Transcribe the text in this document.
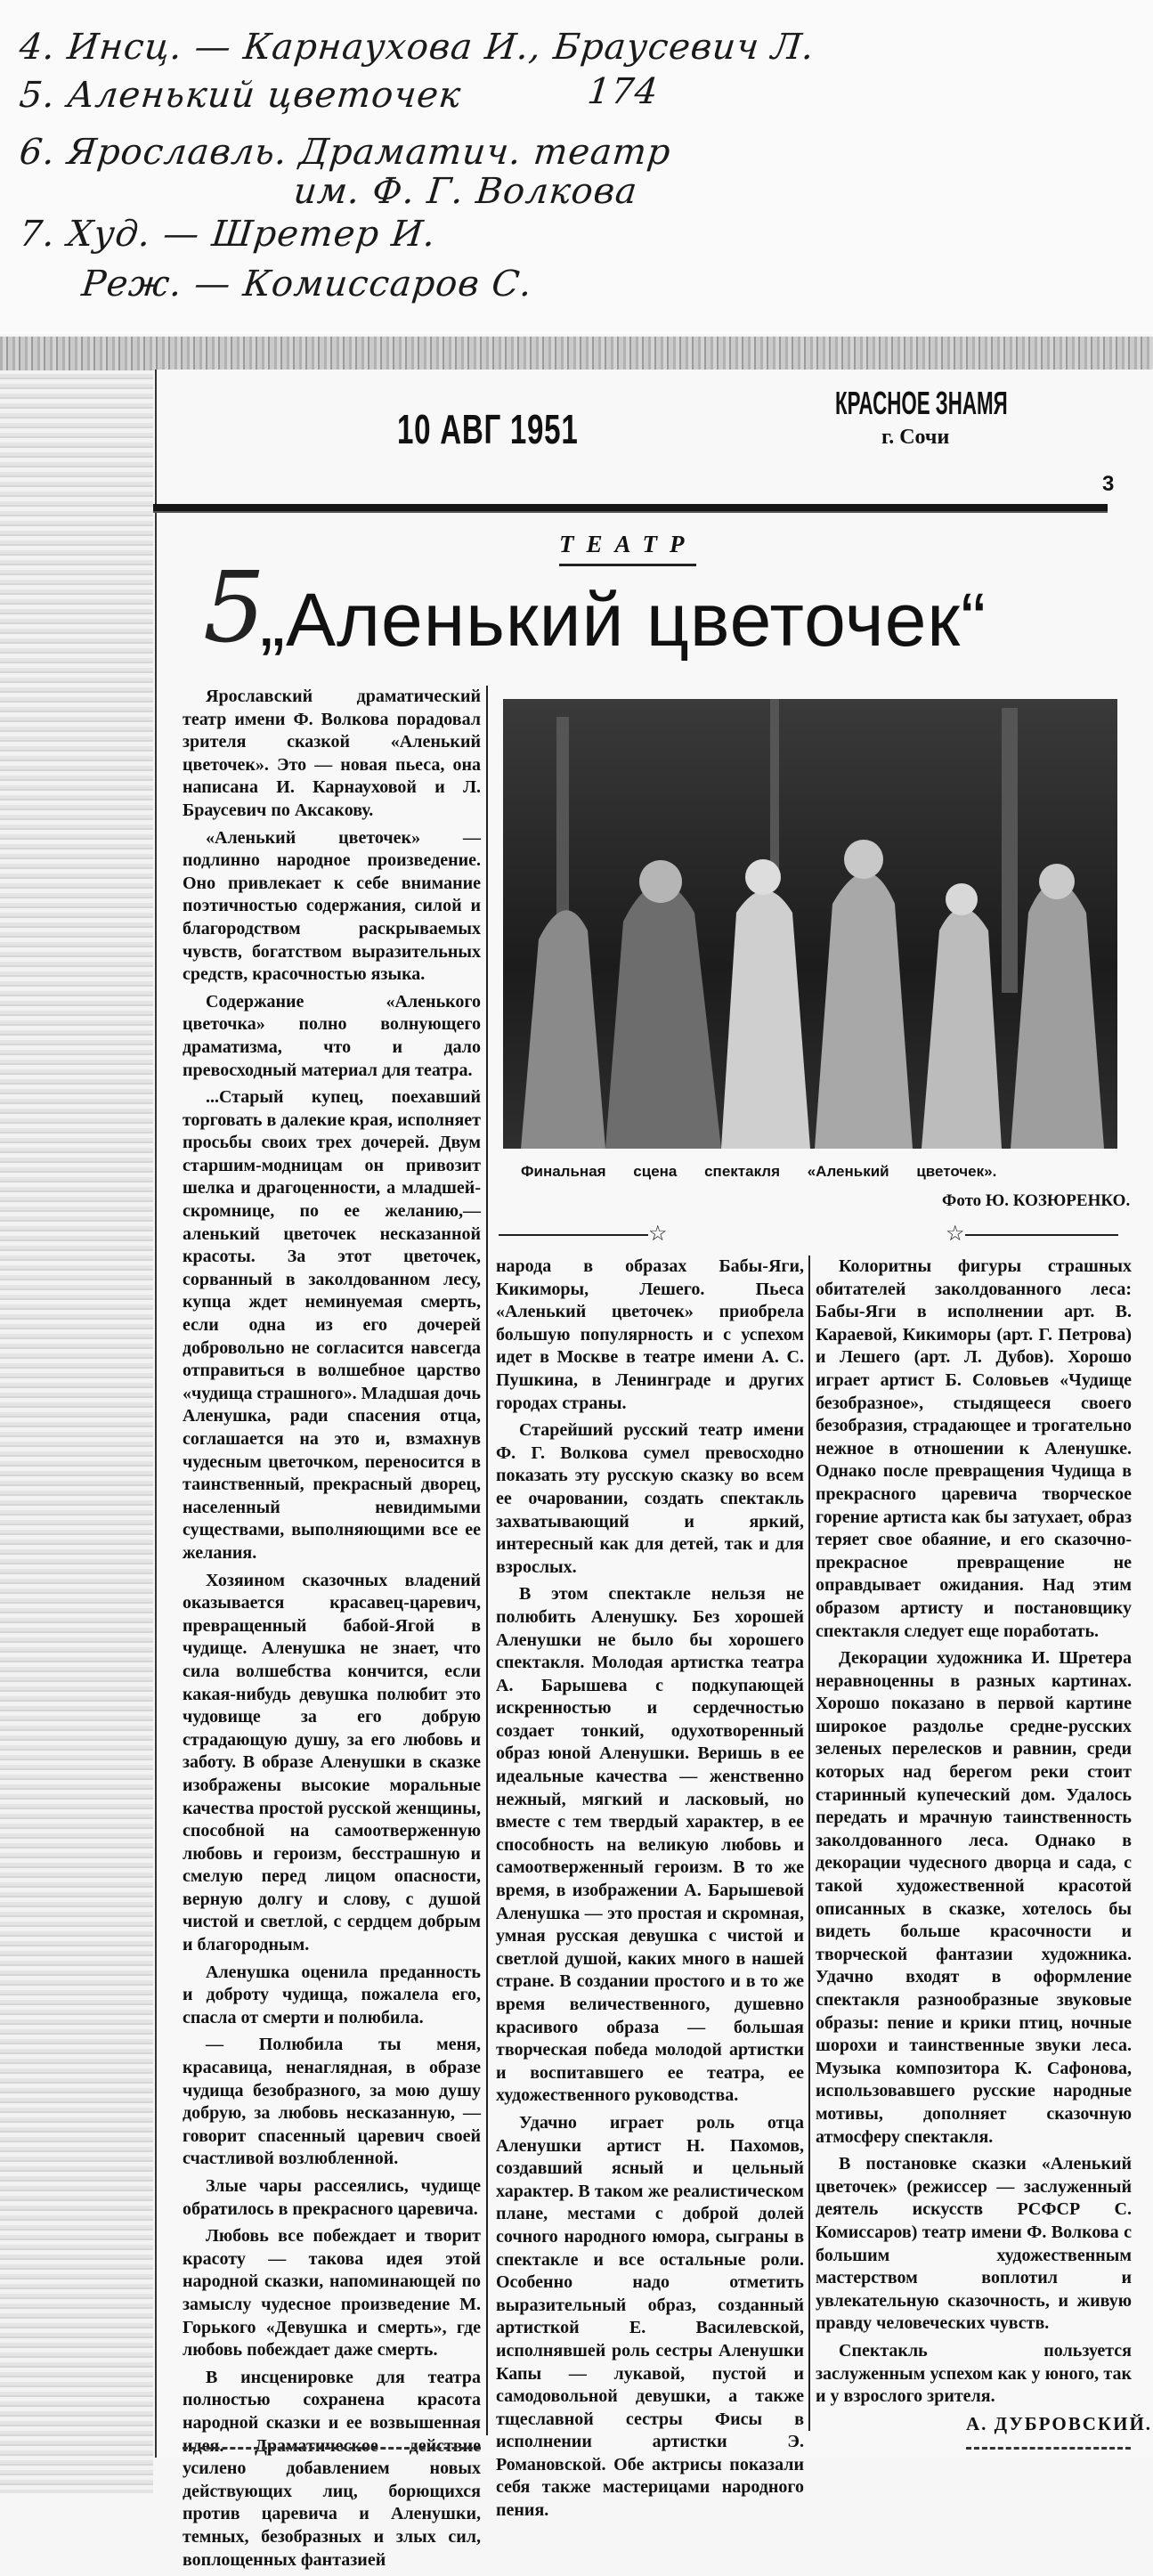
4. Инсц. — Карнаухова И., Браусевич Л.
5. Аленький цветочек	174
6. Ярославль. Драматич. театр
им. Ф. Г. Волкова
7. Худ. — Шретер И.
Реж. — Комиссаров С.
10 АВГ 1951
КРАСНОЕ ЗНАМЯ
г. Сочи
3
ТЕАТР
5
„Аленький цветочек“

Ярославский драматический театр имени Ф. Волкова порадовал зрителя сказкой «Аленький цветочек». Это — новая пьеса, она написана И. Карнауховой и Л. Браусевич по Аксакову.

«Аленький цветочек» — подлинно народное произведение. Оно привлекает к себе внимание поэтичностью содержания, силой и благородством раскрываемых чувств, богатством выразительных средств, красочностью языка.

Содержание «Аленького цветочка» полно волнующего драматизма, что и дало превосходный материал для театра.

...Старый купец, поехавший торговать в далекие края, исполняет просьбы своих трех дочерей. Двум старшим-модницам он привозит шелка и драгоценности, а младшей-скромнице, по ее желанию,—аленький цветочек несказанной красоты. За этот цветочек, сорванный в заколдованном лесу, купца ждет неминуемая смерть, если одна из его дочерей добровольно не согласится навсегда отправиться в волшебное царство «чудища страшного». Младшая дочь Аленушка, ради спасения отца, соглашается на это и, взмахнув чудесным цветочком, переносится в таинственный, прекрасный дворец, населенный невидимыми существами, выполняющими все ее желания.

Хозяином сказочных владений оказывается красавец-царевич, превращенный бабой-Ягой в чудище. Аленушка не знает, что сила волшебства кончится, если какая-нибудь девушка полюбит это чудовище за его добрую страдающую душу, за его любовь и заботу. В образе Аленушки в сказке изображены высокие моральные качества простой русской женщины, способной на самоотверженную любовь и героизм, бесстрашную и смелую перед лицом опасности, верную долгу и слову, с душой чистой и светлой, с сердцем добрым и благородным.

Аленушка оценила преданность и доброту чудища, пожалела его, спасла от смерти и полюбила.

— Полюбила ты меня, красавица, ненаглядная, в образе чудища безобразного, за мою душу добрую, за любовь несказанную, — говорит спасенный царевич своей счастливой возлюбленной.

Злые чары рассеялись, чудище обратилось в прекрасного царевича.

Любовь все побеждает и творит красоту — такова идея этой народной сказки, напоминающей по замыслу чудесное произведение М. Горького «Девушка и смерть», где любовь побеждает даже смерть.

В инсценировке для театра полностью сохранена красота народной сказки и ее возвышенная идея. Драматическое действие усилено добавлением новых действующих лиц, борющихся против царевича и Аленушки, темных, безобразных и злых сил, воплощенных фантазией

Финальная сцена спектакля «Аленький цветочек».
Фото Ю. КОЗЮРЕНКО.
☆	☆

народа в образах Бабы-Яги, Кикиморы, Лешего. Пьеса «Аленький цветочек» приобрела большую популярность и с успехом идет в Москве в театре имени А. С. Пушкина, в Ленинграде и других городах страны.

Старейший русский театр имени Ф. Г. Волкова сумел превосходно показать эту русскую сказку во всем ее очаровании, создать спектакль захватывающий и яркий, интересный как для детей, так и для взрослых.

В этом спектакле нельзя не полюбить Аленушку. Без хорошей Аленушки не было бы хорошего спектакля. Молодая артистка театра А. Барышева с подкупающей искренностью и сердечностью создает тонкий, одухотворенный образ юной Аленушки. Веришь в ее идеальные качества — женственно нежный, мягкий и ласковый, но вместе с тем твердый характер, в ее способность на великую любовь и самоотверженный героизм. В то же время, в изображении А. Барышевой Аленушка — это простая и скромная, умная русская девушка с чистой и светлой душой, каких много в нашей стране. В создании простого и в то же время величественного, душевно красивого образа — большая творческая победа молодой артистки и воспитавшего ее театра, ее художественного руководства.

Удачно играет роль отца Аленушки артист Н. Пахомов, создавший ясный и цельный характер. В таком же реалистическом плане, местами с доброй долей сочного народного юмора, сыграны в спектакле и все остальные роли. Особенно надо отметить выразительный образ, созданный артисткой Е. Василевской, исполнявшей роль сестры Аленушки Капы — лукавой, пустой и самодовольной девушки, а также тщеславной сестры Фисы в исполнении артистки Э. Романовской. Обе актрисы показали себя также мастерицами народного пения.

Колоритны фигуры страшных обитателей заколдованного леса: Бабы-Яги в исполнении арт. В. Караевой, Кикиморы (арт. Г. Петрова) и Лешего (арт. Л. Дубов). Хорошо играет артист Б. Соловьев «Чудище безобразное», стыдящееся своего безобразия, страдающее и трогательно нежное в отношении к Аленушке. Однако после превращения Чудища в прекрасного царевича творческое горение артиста как бы затухает, образ теряет свое обаяние, и его сказочно-прекрасное превращение не оправдывает ожидания. Над этим образом артисту и постановщику спектакля следует еще поработать.

Декорации художника И. Шретера неравноценны в разных картинах. Хорошо показано в первой картине широкое раздолье средне-русских зеленых перелесков и равнин, среди которых над берегом реки стоит старинный купеческий дом. Удалось передать и мрачную таинственность заколдованного леса. Однако в декорации чудесного дворца и сада, с такой художественной красотой описанных в сказке, хотелось бы видеть больше красочности и творческой фантазии художника. Удачно входят в оформление спектакля разнообразные звуковые образы: пение и крики птиц, ночные шорохи и таинственные звуки леса. Музыка композитора К. Сафонова, использовавшего русские народные мотивы, дополняет сказочную атмосферу спектакля.

В постановке сказки «Аленький цветочек» (режиссер — заслуженный деятель искусств РСФСР С. Комиссаров) театр имени Ф. Волкова с большим художественным мастерством воплотил и увлекательную сказочность, и живую правду человеческих чувств.

Спектакль пользуется заслуженным успехом как у юного, так и у взрослого зрителя.

А. ДУБРОВСКИЙ.
